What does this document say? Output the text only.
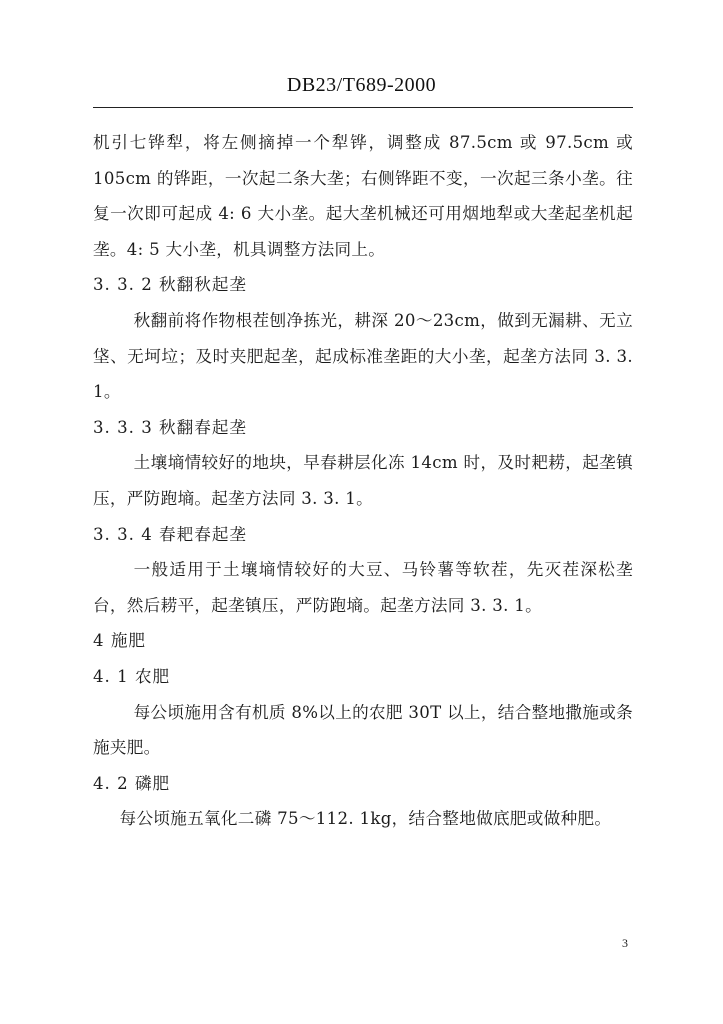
DB23/T689-2000

机引七铧犁，将左侧摘掉一个犁铧，调整成 87.5cm 或 97.5cm 或 105cm 的铧距，一次起二条大垄；右侧铧距不变，一次起三条小垄。往复一次即可起成 4: 6 大小垄。起大垄机械还可用烟地犁或大垄起垄机起垄。4: 5 大小垄，机具调整方法同上。

3. 3. 2 秋翻秋起垄

秋翻前将作物根茬刨净拣光，耕深 20～23cm，做到无漏耕、无立垡、无坷垃；及时夹肥起垄，起成标准垄距的大小垄，起垄方法同 3. 3. 1。

3. 3. 3 秋翻春起垄

土壤墒情较好的地块，早春耕层化冻 14cm 时，及时耙耢，起垄镇压，严防跑墒。起垄方法同 3. 3. 1。

3. 3. 4 春耙春起垄

一般适用于土壤墒情较好的大豆、马铃薯等软茬，先灭茬深松垄台，然后耢平，起垄镇压，严防跑墒。起垄方法同 3. 3. 1。

4 施肥

4. 1 农肥

每公顷施用含有机质 8%以上的农肥 30T 以上，结合整地撒施或条施夹肥。

4. 2 磷肥

每公顷施五氧化二磷 75～112. 1kg，结合整地做底肥或做种肥。

3
